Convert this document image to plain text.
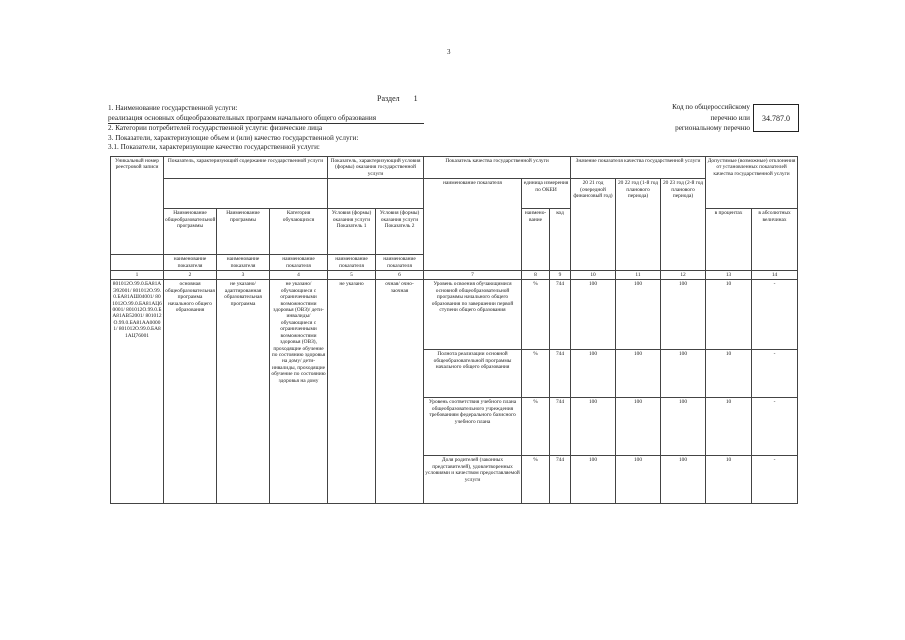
3
Раздел 1
1. Наименование государственной услуги:
реализация основных общеобразовательных программ начального общего образования
2. Категории потребителей государственной услуги: физические лица
3. Показатели, характеризующие объем и (или) качество государственной услуги:
3.1. Показатели, характеризующие качество государственной услуги:
Код по общероссийскому
перечню или
региональному перечню
34.787.0
Уникальный номер реестровой записи	Показатель, характеризующий содержание государственной услуги			Показатель, характеризующий условия (формы) оказания государственной услуги		Показатель качества государственной услуги			Значение показателя качества государственной услуги			Допустимые (возможные) отклонения от установленных показателей качества государственной услуги	
						наименование показателя	единица измерения по ОКЕИ		20 21 год (очередной финансовый год)	20 22 год (1-й год планового периода)	20 23 год (2-й год планового периода)		
	Наименование общеобразовательной программы	Наименование программы	Категория обучающихся	Условия (формы) оказания услуги Показатель 1	Условия (формы) оказания услуги Показатель 2		наимено-вание	код				в процентах	в абсолютных величинах
	наименование показателя	наименование показателя	наименование показателя	наименование показателя	наименование показателя								
1	2	3	4	5	6	7	8	9	10	11	12	13	14
801012О.99.0.БА81АЭ92001/ 801012О.99.0.БА81АШ04001/ 801012О.99.0.БА81АЦ60001/ 801012О.99.0.БА81АВ52001/ 801012О.99.0.БА81АА00001/ 801012О.99.0.БА81АЦ76001	основная общеобразовательная программа начального общего образования	не указано/ адаптированная образовательная программа	не указано/ обучающиеся с ограниченными возможностями здоровья (ОВЗ)/ дети-инвалиды/ обучающиеся с ограниченными возможностями здоровья (ОВЗ), проходящие обучение по состоянию здоровья на дому/ дети-инвалиды, проходящие обучение по состоянию здоровья на дому	не указано	очная/ очно-заочная	Уровень освоения обучающимися основной общеобразовательной программы начального общего образования по завершении первой ступени общего образования	%	744	100	100	100	10	-
						Полнота реализации основной общеобразовательной программы начального общего образования	%	744	100	100	100	10	-
						Уровень соответствия учебного плана общеобразовательного учреждения требованиям федерального базисного учебного плана	%	744	100	100	100	10	-
						Доля родителей (законных представителей), удовлетворенных условиями и качеством предоставляемой услуги	%	744	100	100	100	10	-
